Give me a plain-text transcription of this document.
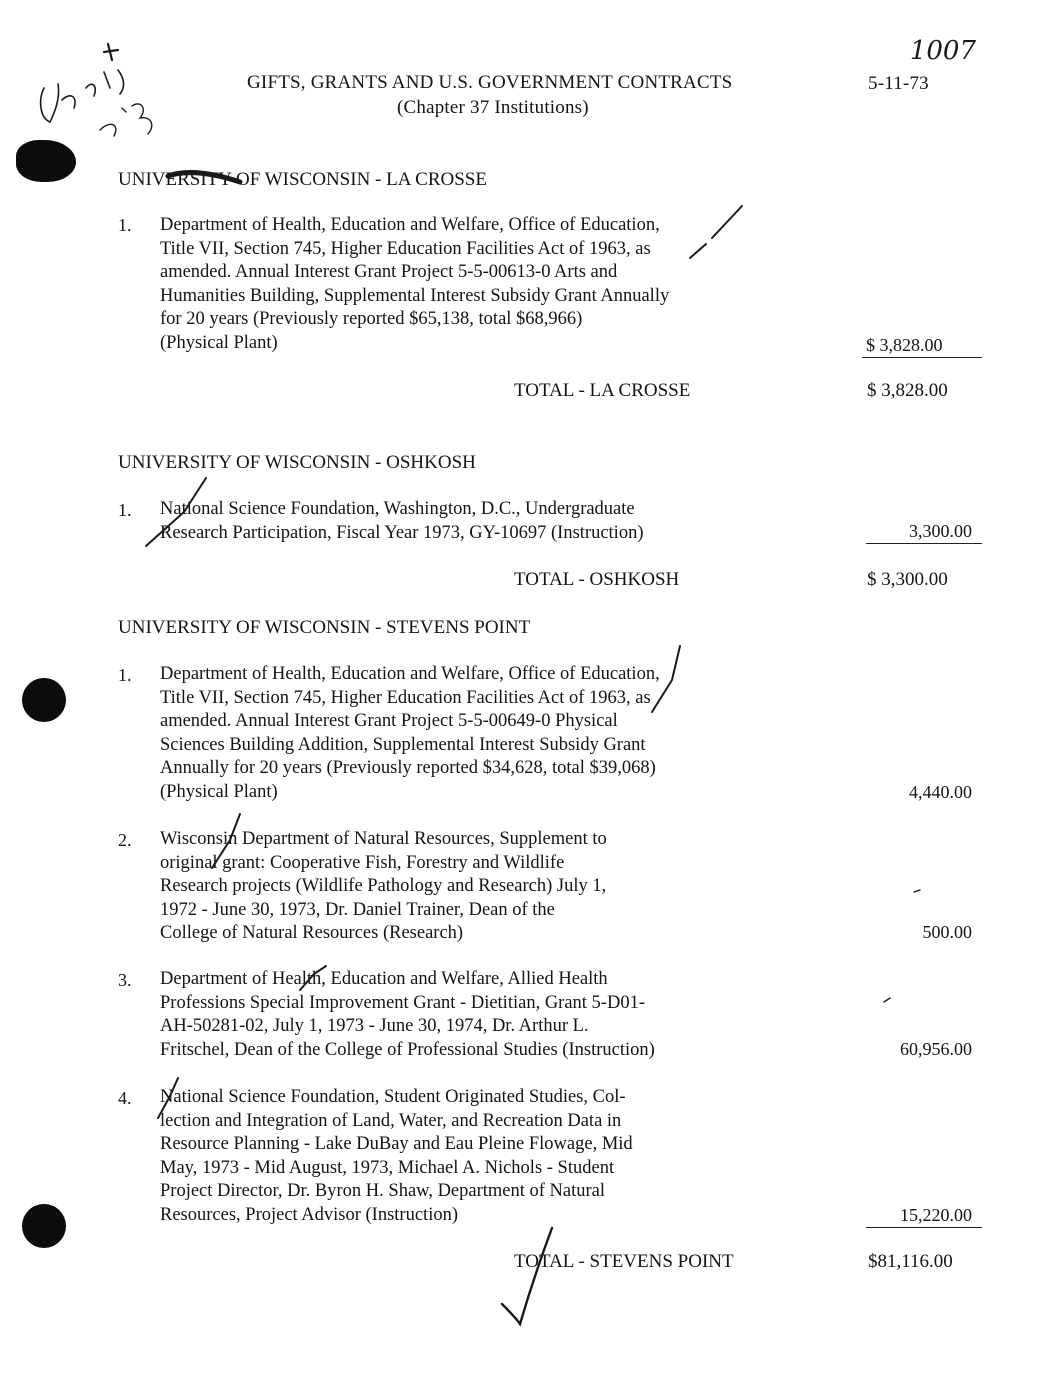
1007
GIFTS, GRANTS AND U.S. GOVERNMENT CONTRACTS
(Chapter 37 Institutions)
5-11-73
UNIVERSITY OF WISCONSIN - LA CROSSE
1. Department of Health, Education and Welfare, Office of Education,
Title VII, Section 745, Higher Education Facilities Act of 1963, as
amended. Annual Interest Grant Project 5-5-00613-0 Arts and
Humanities Building, Supplemental Interest Subsidy Grant Annually
for 20 years (Previously reported $65,138, total $68,966)
(Physical Plant)	$ 3,828.00
TOTAL - LA CROSSE	$ 3,828.00
UNIVERSITY OF WISCONSIN - OSHKOSH
1. National Science Foundation, Washington, D.C., Undergraduate
Research Participation, Fiscal Year 1973, GY-10697 (Instruction)	3,300.00
TOTAL - OSHKOSH	$ 3,300.00
UNIVERSITY OF WISCONSIN - STEVENS POINT
1. Department of Health, Education and Welfare, Office of Education,
Title VII, Section 745, Higher Education Facilities Act of 1963, as
amended. Annual Interest Grant Project 5-5-00649-0 Physical
Sciences Building Addition, Supplemental Interest Subsidy Grant
Annually for 20 years (Previously reported $34,628, total $39,068)
(Physical Plant)	4,440.00
2. Wisconsin Department of Natural Resources, Supplement to
original grant: Cooperative Fish, Forestry and Wildlife
Research projects (Wildlife Pathology and Research) July 1,
1972 - June 30, 1973, Dr. Daniel Trainer, Dean of the
College of Natural Resources (Research)	500.00
3. Department of Health, Education and Welfare, Allied Health
Professions Special Improvement Grant - Dietitian, Grant 5-D01-
AH-50281-02, July 1, 1973 - June 30, 1974, Dr. Arthur L.
Fritschel, Dean of the College of Professional Studies (Instruction)	60,956.00
4. National Science Foundation, Student Originated Studies, Col-
lection and Integration of Land, Water, and Recreation Data in
Resource Planning - Lake DuBay and Eau Pleine Flowage, Mid
May, 1973 - Mid August, 1973, Michael A. Nichols - Student
Project Director, Dr. Byron H. Shaw, Department of Natural
Resources, Project Advisor (Instruction)	15,220.00
TOTAL - STEVENS POINT	$81,116.00
